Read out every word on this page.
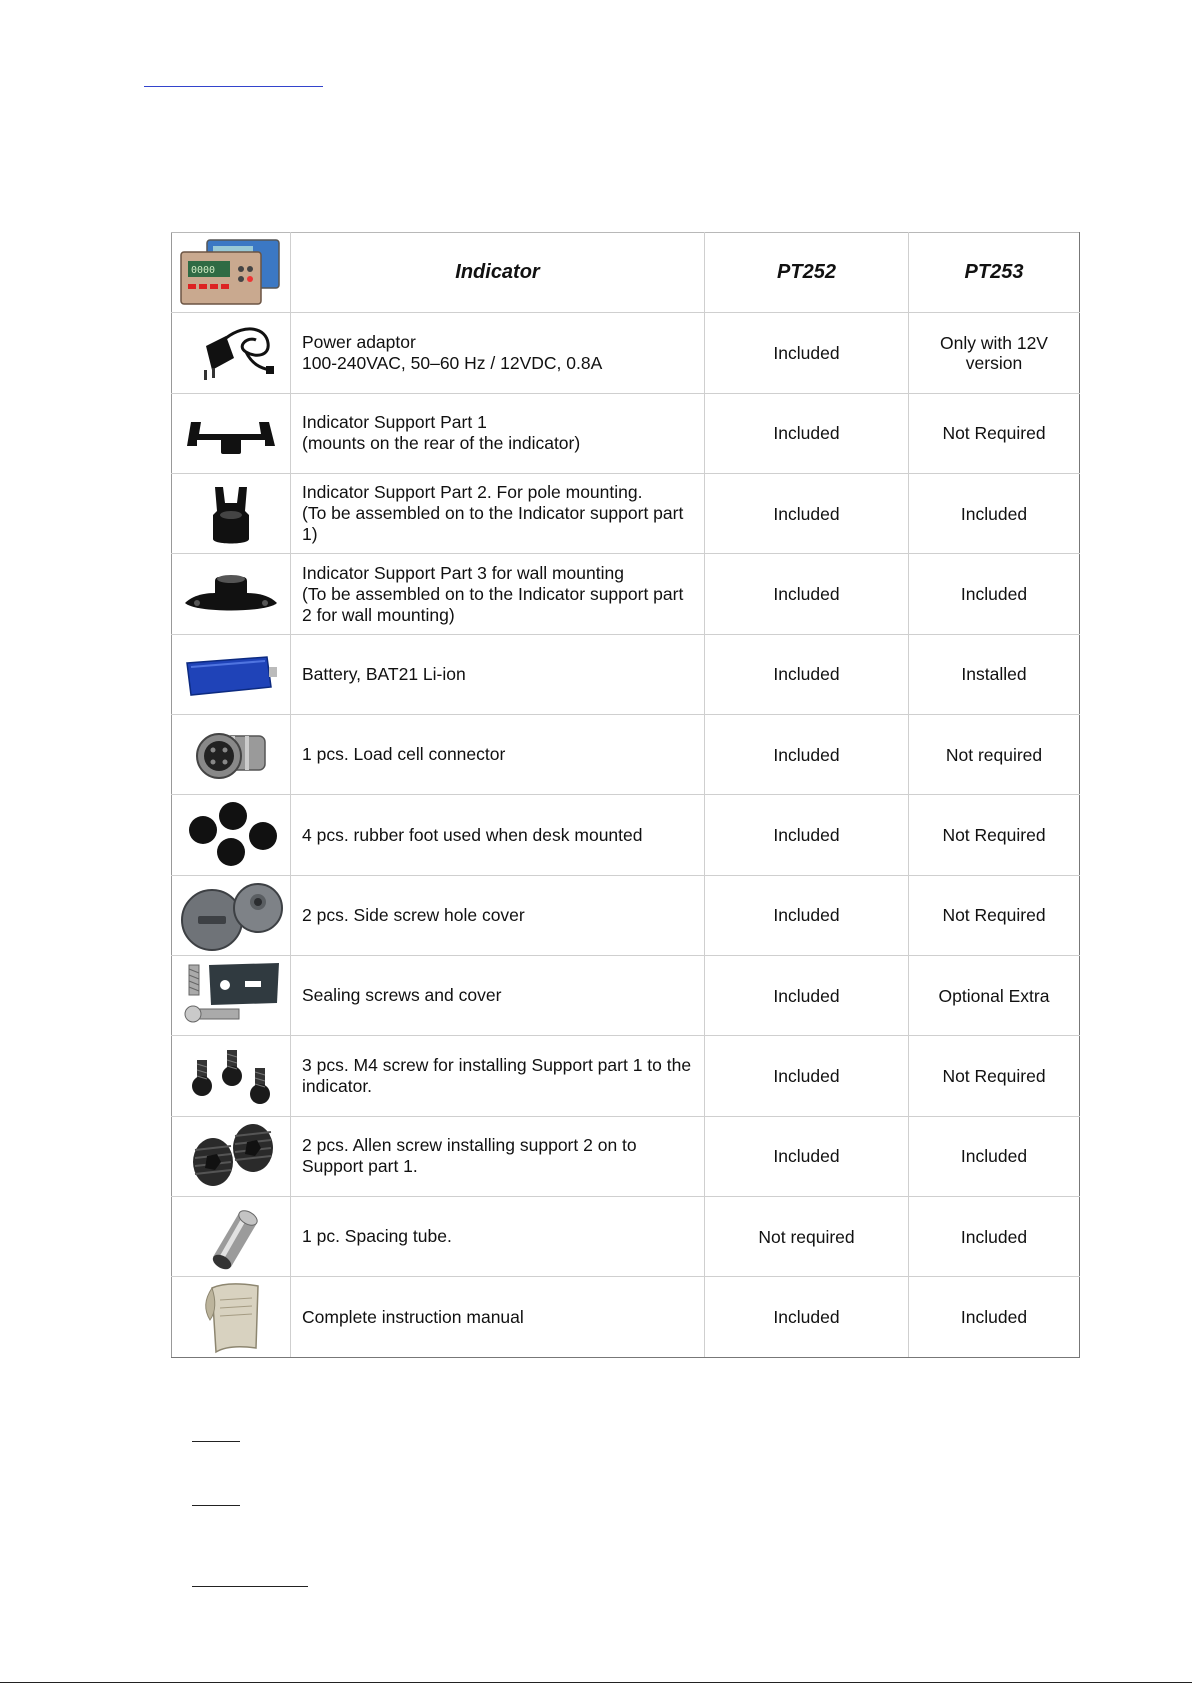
0000	Indicator	PT252	PT253

	Power adaptor
100-240VAC, 50–60 Hz / 12VDC, 0.8A	Included	Only with 12V version

	Indicator Support Part 1
(mounts on the rear of the indicator)	Included	Not Required

	Indicator Support Part 2. For pole mounting.
(To be assembled on to the Indicator support part 1)	Included	Included

	Indicator Support Part 3 for wall mounting
(To be assembled on to the Indicator support part 2 for wall mounting)	Included	Included

	Battery, BAT21 Li-ion	Included	Installed

	1 pcs. Load cell connector	Included	Not required

	4 pcs. rubber foot used when desk mounted	Included	Not Required

	2 pcs. Side screw hole cover	Included	Not Required

	Sealing screws and cover	Included	Optional Extra

	3 pcs. M4 screw for installing Support part 1 to the indicator.	Included	Not Required

	2 pcs. Allen screw installing support 2 on to Support part 1.	Included	Included

	1 pc. Spacing tube.	Not required	Included

	Complete instruction manual	Included	Included
